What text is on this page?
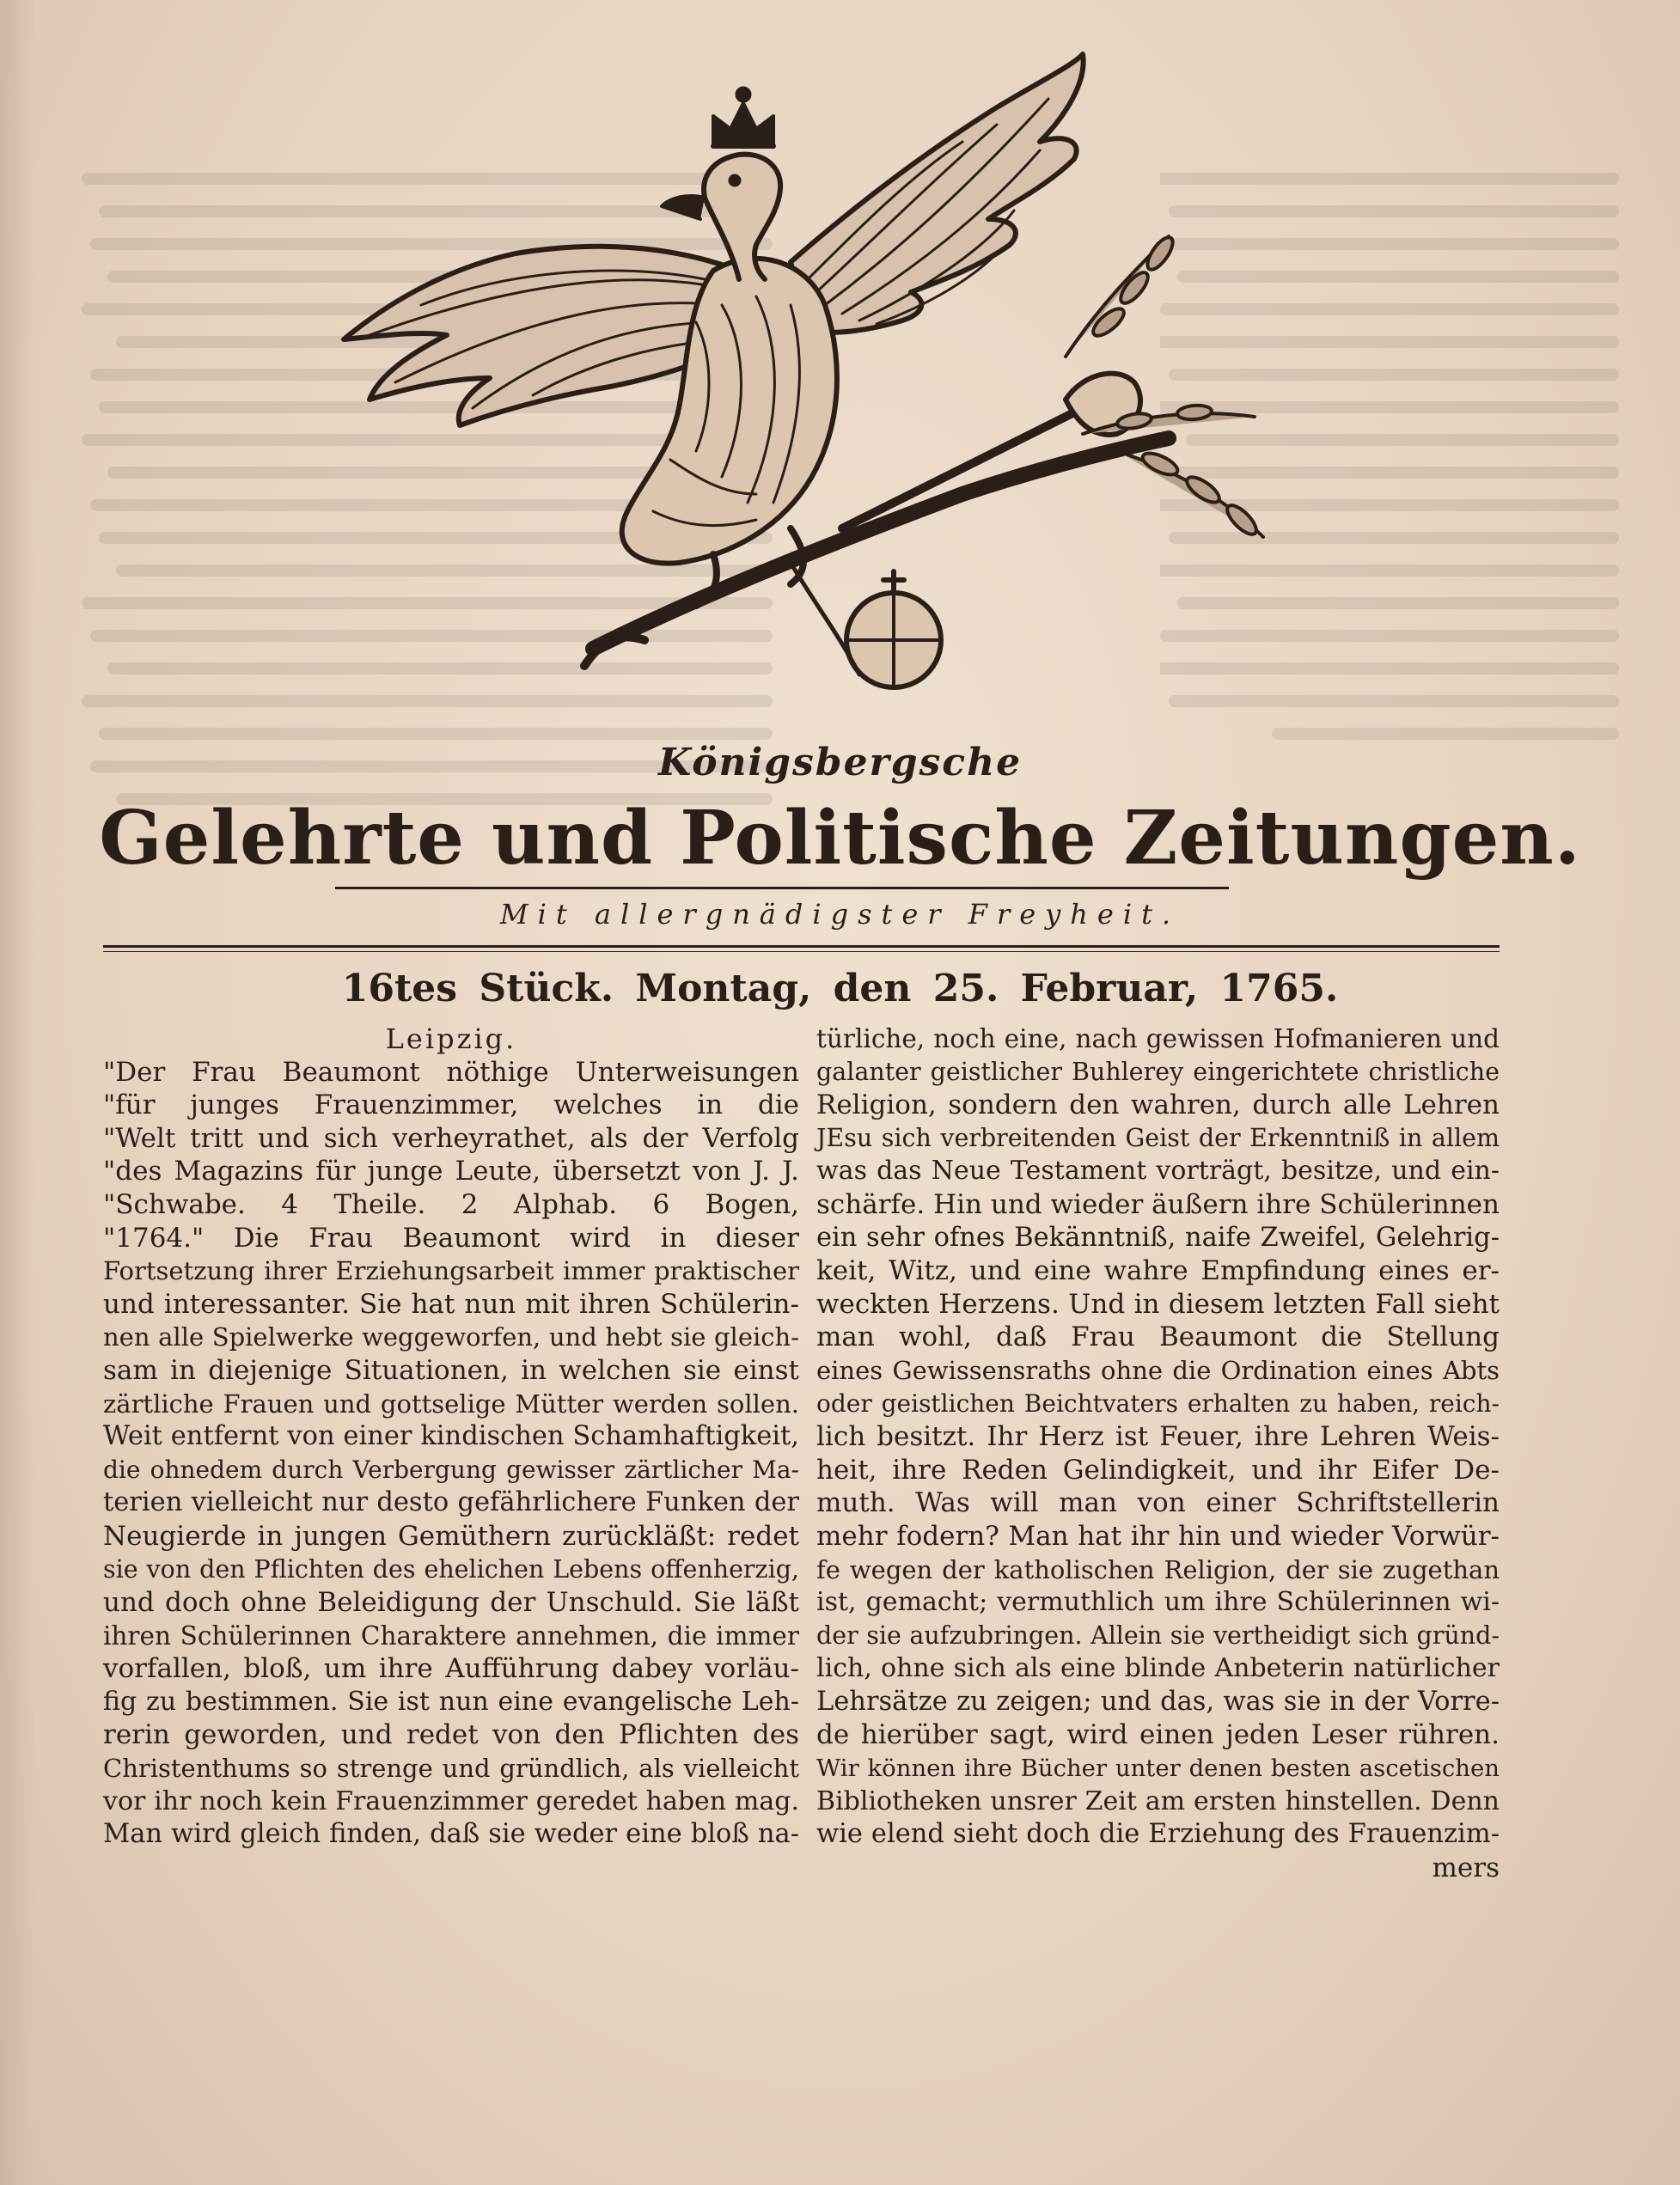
Königsbergsche
Gelehrte und Politische Zeitungen.
Mit allergnädigster Freyheit.
16tes Stück. Montag, den 25. Februar, 1765.
Leipzig.
"Der Frau Beaumont nöthige Unterweisungen
"für junges Frauenzimmer, welches in die
"Welt tritt und sich verheyrathet, als der Verfolg
"des Magazins für junge Leute, übersetzt von J. J.
"Schwabe. 4 Theile. 2 Alphab. 6 Bogen,
"1764." Die Frau Beaumont wird in dieser
Fortsetzung ihrer Erziehungsarbeit immer praktischer
und interessanter. Sie hat nun mit ihren Schülerin-
nen alle Spielwerke weggeworfen, und hebt sie gleich-
sam in diejenige Situationen, in welchen sie einst
zärtliche Frauen und gottselige Mütter werden sollen.
Weit entfernt von einer kindischen Schamhaftigkeit,
die ohnedem durch Verbergung gewisser zärtlicher Ma-
terien vielleicht nur desto gefährlichere Funken der
Neugierde in jungen Gemüthern zurückläßt: redet
sie von den Pflichten des ehelichen Lebens offenherzig,
und doch ohne Beleidigung der Unschuld. Sie läßt
ihren Schülerinnen Charaktere annehmen, die immer
vorfallen, bloß, um ihre Aufführung dabey vorläu-
fig zu bestimmen. Sie ist nun eine evangelische Leh-
rerin geworden, und redet von den Pflichten des
Christenthums so strenge und gründlich, als vielleicht
vor ihr noch kein Frauenzimmer geredet haben mag.
Man wird gleich finden, daß sie weder eine bloß na-
türliche, noch eine, nach gewissen Hofmanieren und
galanter geistlicher Buhlerey eingerichtete christliche
Religion, sondern den wahren, durch alle Lehren
JEsu sich verbreitenden Geist der Erkenntniß in allem
was das Neue Testament vorträgt, besitze, und ein-
schärfe. Hin und wieder äußern ihre Schülerinnen
ein sehr ofnes Bekänntniß, naife Zweifel, Gelehrig-
keit, Witz, und eine wahre Empfindung eines er-
weckten Herzens. Und in diesem letzten Fall sieht
man wohl, daß Frau Beaumont die Stellung
eines Gewissensraths ohne die Ordination eines Abts
oder geistlichen Beichtvaters erhalten zu haben, reich-
lich besitzt. Ihr Herz ist Feuer, ihre Lehren Weis-
heit, ihre Reden Gelindigkeit, und ihr Eifer De-
muth. Was will man von einer Schriftstellerin
mehr fodern? Man hat ihr hin und wieder Vorwür-
fe wegen der katholischen Religion, der sie zugethan
ist, gemacht; vermuthlich um ihre Schülerinnen wi-
der sie aufzubringen. Allein sie vertheidigt sich gründ-
lich, ohne sich als eine blinde Anbeterin natürlicher
Lehrsätze zu zeigen; und das, was sie in der Vorre-
de hierüber sagt, wird einen jeden Leser rühren.
Wir können ihre Bücher unter denen besten ascetischen
Bibliotheken unsrer Zeit am ersten hinstellen. Denn
wie elend sieht doch die Erziehung des Frauenzim-
mers
